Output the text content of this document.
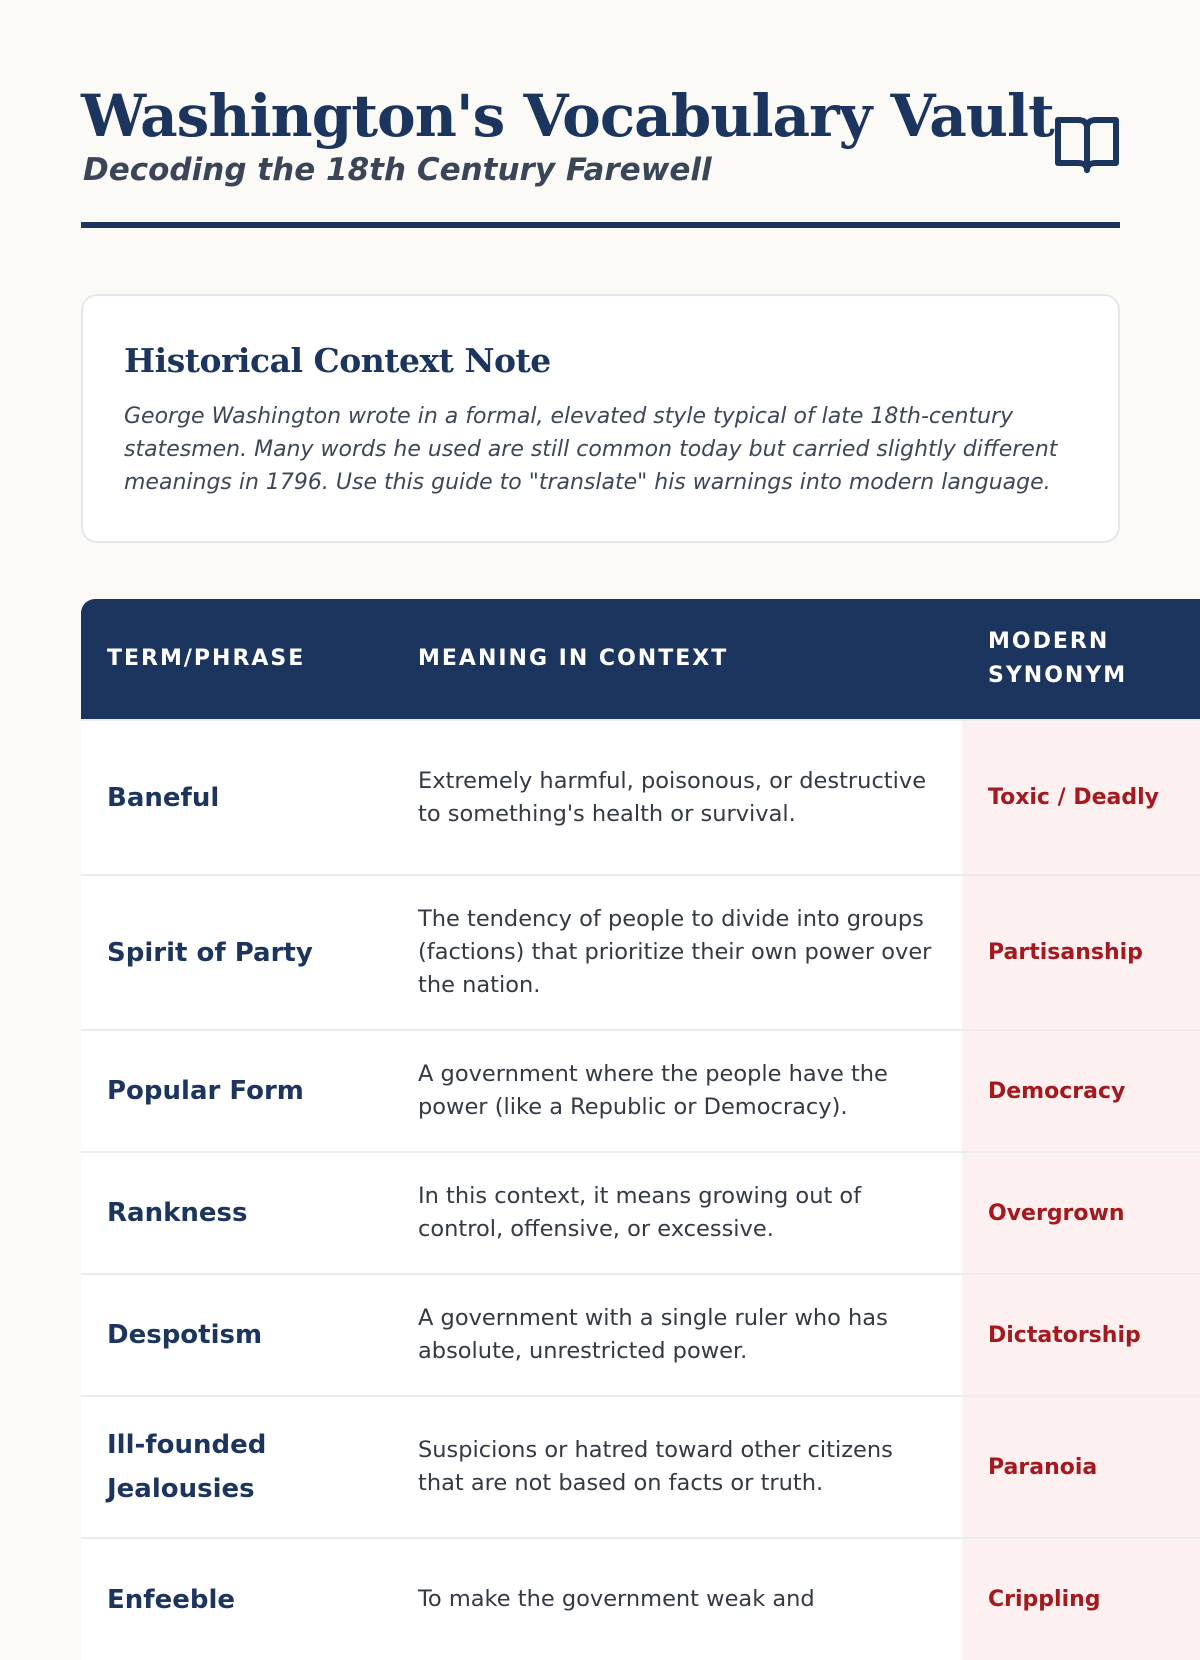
Washington's Vocabulary Vault
Decoding the 18th Century Farewell
Historical Context Note

George Washington wrote in a formal, elevated style typical of late 18th-century statesmen. Many words he used are still common today but carried slightly different meanings in 1796. Use this guide to "translate" his warnings into modern language.

TERM/PHRASE	MEANING IN CONTEXT	MODERN SYNONYM
Baneful	Extremely harmful, poisonous, or destructive to something's health or survival.	Toxic / Deadly
Spirit of Party	The tendency of people to divide into groups (factions) that prioritize their own power over the nation.	Partisanship
Popular Form	A government where the people have the power (like a Republic or Democracy).	Democracy
Rankness	In this context, it means growing out of control, offensive, or excessive.	Overgrown
Despotism	A government with a single ruler who has absolute, unrestricted power.	Dictatorship
Ill-founded Jealousies	Suspicions or hatred toward other citizens that are not based on facts or truth.	Paranoia
Enfeeble	To make the government weak and	Crippling
